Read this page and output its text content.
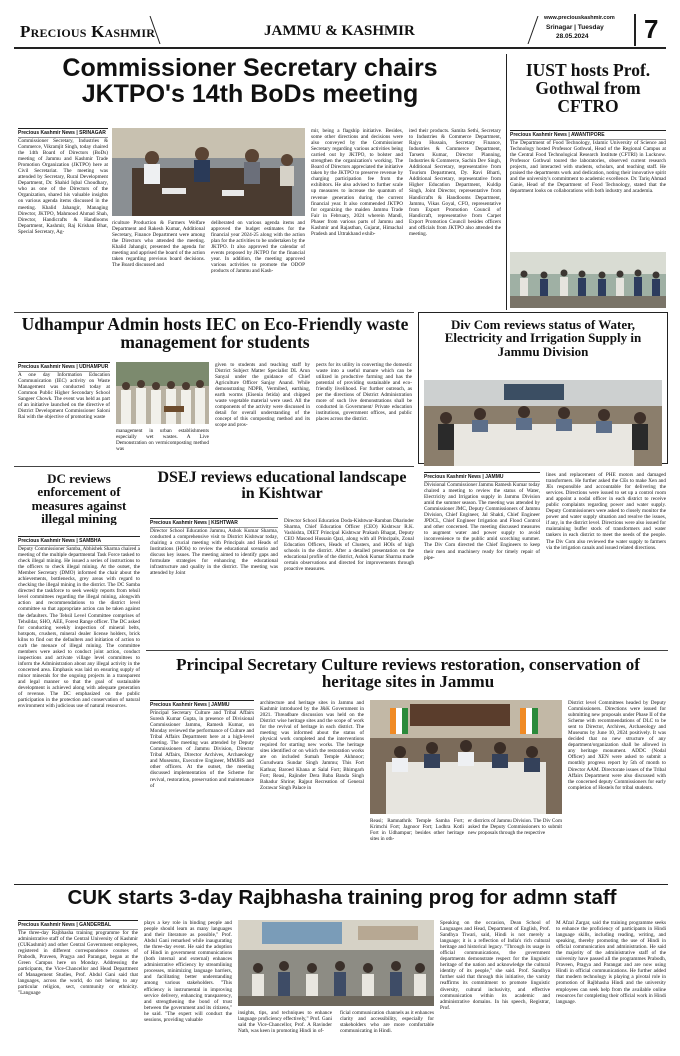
Precious Kashmir	JAMMU & KASHMIR
www.preciouskashmir.com
Srinagar | Tuesday
28.05.2024 7
Commissioner Secretary chairs JKTPO's 14th BoDs meeting
Precious Kashmir News | SRINAGAR
Commissioner Secretary, Industries & Commerce, Vikramjit Singh, today chaired the 14th Board of Directors (BoDs) meeting of Jammu and Kashmir Trade Promotion Organization (JKTPO) here at Civil Secretariat. The meeting was attended by Secretary, Rural Development Department, Dr. Shahid Iqbal Choudhary, who as one of the Directors of the Organization, shared his valuable insights on various agenda items discussed in the meeting. Khalid Jahangir, Managing Director, JKTPO, Mahmood Ahmad Shah, Director, Handicrafts & Handlooms Department, Kashmir, Raj Krishan Bhat, Special Secretary, Ag-
riculture Production & Farmers Welfare Department and Rakesh Kumar, Additional Secretary, Finance Department were among the Directors who attended the meeting. Khalid Jahangir, presented the agenda for meeting and apprised the board of the action taken regarding previous board decisions. The Board discussed and
deliberated on various agenda items and approved the budget estimates for the financial year 2024-25 along with the action plan for the activities to be undertaken by the JKTPO. It also approved the calendar of events proposed by JKTPO for the financial year. In addition, the meeting approved various activities to promote the ODOP products of Jammu and Kash-
mir, being a flagship initiative. Besides, some other directions and decisions were also conveyed by the Commissioner Secretary regarding various activities being carried out by JKTPO, to bolster and strengthen the organization's working. The Board of Directors appreciated the initiative taken by the JKTPO to preserve revenue by charging participation fee from the exhibitors. He also advised to further scale up measures to increase the quantum of revenue generation during the current financial year. It also commended JKTPO for organizing the maiden Jammu Trade Fair in February, 2024 wherein Mandi, Phaser from various parts of Jammu and Kashmir and Rajasthan, Gujarat, Himachal Pradesh and Uttrakhand exhib-
ited their products. Samita Sethi, Secretary to Industries & Commerce Department, Rajya Hussain, Secretary Finance, Industries & Commerce Department, Tarsem Kumar, Director Planning, Industries & Commerce, Sachin Dev Singh, Additional Secretary, representative from Tourism Department, Dy. Ravi Bharti, Additional Secretary, representative from Higher Education Department, Kuldip Singh, Joint Director, representative from Handicrafts & Handlooms Department, Jammu, Vikas Goyal, CFO, representative from Export Promotion Council of Handicraft, representative from Carpet Export Promotion Council besides officers and officials from JKTPO also attended the meeting.
IUST hosts Prof. Gothwal from CFTRO
Precious Kashmir News | AWANTIPORE
The Department of Food Technology, Islamic University of Science and Technology hosted Professor Gothwal, Head of the Regional Campus at the Central Food Technological Research Institute (CFTRI) in Lucknow. Professor Gothwal toured the laboratories, observed current research projects, and interacted with students, scholars, and teaching staff. He praised the departments work and dedication, noting their innovative spirit and the university's commitment to academic excellence. Dr. Tariq Ahmad Ganie, Head of the Department of Food Technology, stated that the department looks on collaborations with both industry and academia.
Udhampur Admin hosts IEC on Eco-Friendly waste management for students
Precious Kashmir News | UDHAMPUR
A one day Information Education Communication (IEC) activity on Waste Management was conducted today at Common Public Higher Secondary School Sangeer Chowk. The event was held as part of an initiative launched on the directive of District Development Commissioner Saloni Rai with the objective of promoting waste
management in urban establishments especially wet wastes. A Live Demonstration on vermicomposting method was
given to students and teaching staff by District Subject Matter Specialist DL Arun Sanyal under the guidance of Chief Agriculture Officer Sanjay Anand. While demonstrating NDPB, Vermibed, earthing, earth worms (Eisenia fetida) and chipped waste vegetable material were used. All the components of the activity were discussed in detail for overall understanding of the concept of this composting method and its scope and pros-
pects for its utility in converting the domestic waste into a useful manure which can be utilized in productive farming and has the potential of providing sustainable and eco-friendly livelihood. For further outreach, as per the directions of District Administration more of such live demonstrations shall be conducted in Government/ Private education institutions, government offices, and public places across the district.
Div Com reviews status of Water, Electricity and Irrigation Supply in Jammu Division
Precious Kashmir News | JAMMU
Divisional Commissioner Jammu Ramesh Kumar today chaired a meeting to review the status of Water, Electricity and Irrigation supply in Jammu Division amid the summer season. The meeting was attended by Commissioner JMC, Deputy Commissioners of Jammu Division, Chief Engineer, Jal Shakti, Chief Engineer JPDCL, Chief Engineer Irrigation and Flood Control and other concerned. The meeting discussed measures to augment water and power supply to avoid inconvenience to the public amid scorching summer. The Div Com directed the Chief Engineers to keep their men and machinery ready for timely repair of pipe-
lines and replacement of PHE motors and damaged transformers. He further asked the CEs to make Xen and JEs responsible and accountable for delivering the services. Directions were issued to set up a control room and appoint a nodal officer in each district to receive public complaints regarding power and water supply. Deputy Commissioners were asked to closely monitor the power and water supply situation and resolve the issues, if any, in the district level. Directions were also issued for maintaining buffer stock of transformers and water tankers in each district to meet the needs of the people. The Div Com also reviewed the water supply to farmers via the irrigation canals and issued related directions.
DC reviews enforcement of measures against illegal mining
Precious Kashmir News | SAMBHA
Deputy Commissioner Samba, Abhishek Sharma chaired a meeting of the multiple departmental Task Force tasked to check illegal mining. He issued a series of instructions to the officers to check illegal mining. At the outset, the Member Secretary (DMO) informed the chair about the achievements, bottlenecks, grey areas with regard to checking the illegal mining in the district. The DC Samba directed the taskforce to seek weekly reports from tehsil level committees regarding the illegal mining, alongwith action and recommendations to the district level committee so that appropriate action can be taken against the defaulters. The Tehsil Level Committee comprises of Tehsildar, SHO, AEE, Forest Range officer. The DC asked for conducting weekly inspection of mineral belts, hotspots, crushers, mineral dealer license holders, brick kilns to find out the defaulters and initiation of action to curb the menace of illegal mining. The committee members were asked to conduct joint action, conduct inspections and activate village level committees to inform the Administration about any illegal activity in the concerned area. Emphasis was laid on ensuring supply of minor minerals for the ongoing projects in a transparent and legal manner so that the goal of sustainable development is achieved along with adequate generation of revenue. The DC emphasized on the public participation in the protection and conservation of natural environment with judicious use of natural resources.
DSEJ reviews educational landscape in Kishtwar
Precious Kashmir News | KISHTWAR
Director School Education Jammu, Ashok Kumar Sharma, conducted a comprehensive visit to District Kishtwar today, chairing a crucial meeting with Principals and Heads of Institutions (HOIs) to review the educational scenario and discuss key issues. The meeting aimed to identify gaps and formulate strategies for enhancing the educational infrastructure and quality in the district. The meeting was attended by Joint
Director School Education Doda-Kishtwar-Ramban Dharinder Sharma, Chief Education Officer (CEO) Kishtwar R.K. Vashishta, DIET Principal Kishtwar Prakash Bhagat, Deputy CEO Masood Hussain Qazi, along with all Principals, Zonal Education Officers, Heads of Clusters, and HOIs of high schools in the district. After a detailed presentation on the educational profile of the district, Ashok Kumar Sharma made certain observations and directed for improvements through proactive measures.
Principal Secretary Culture reviews restoration, conservation of heritage sites in Jammu
Precious Kashmir News | JAMMU
Principal Secretary Culture and Tribal Affairs Suresh Kumar Gupta, in presence of Divisional Commissioner Jammu, Ramesh Kumar, on Monday reviewed the performance of Culture and Tribal Affairs Department here at a high-level meeting. The meeting was attended by Deputy Commissioners of Jammu Division, Director Tribal Affairs, Director Archives, Archaeology and Museums, Executive Engineer, MMJHS and other officers. At the outset, the meeting discussed implementation of the Scheme for revival, restoration, preservation and maintenance of
architecture and heritage sites in Jammu and Kashmir introduced by the J&K Government in 2021. Threadbare discussion was held on the District wise heritage sites and the scope of work for the revival of heritage in each district. The meeting was informed about the status of physical work completed and the interventions required for starting new works. The heritage sites identified or on which the restoration works are on included Sumah Temple Akhnoor; Gurudwara Sundar Singh Jammu; This Fort Kathua; Baroed Khana at Salal Fort; Bhimgarh Fort; Reasi, Rajinder Dera Baba Banda Singh Bahadur Shrine; Rajput Recreation of General Zorawar Singh Palace in
Reasi; Ramnathrik Temple Samba Fort; Krimchi Fort; Jagnoor Fort; Lodhra Kotli Fort in Udhampur; besides other heritage sites in oth-
er districts of Jammu Division. The Div Com asked the Deputy Commissioners to submit new proposals through the respective
District level Committees headed by Deputy Commissioners. Directions were issued for submitting new proposals under Phase II of the Scheme with recommendations of DLC to be sent to Director, Archives, Archaeology and Museums by June 10, 2024 positively. It was decided that no new structure of any department/organization shall be allowed in any heritage monument. ADDC (Nodal Officer) and XEN were asked to submit a monthly progress report by 5th of month to Director AAM. Directorate issues of the Tribal Affairs Department were also discussed with the concerned deputy Commissioners for early completion of Hostels for tribal students.
CUK starts 3-day Rajbhasha training prog for admn staff
Precious Kashmir News | GANDERBAL
The three-day Rajbhasha training programme for the administrative staff of the Central University of Kashmir (CUKashmir) and other Central Government employees, registered in different correspondence courses of Prabodh, Praveen, Pragya and Parangat, began at the Green Campus here on Monday. Addressing the participants, the Vice-Chancellor and Head Department of Management Studies, Prof. Abdul Gani said that languages, across the world, do not belong to any particular religion, sect, community or ethnicity. "Language
plays a key role in binding people and people should learn as many languages and their literature as possible," Prof. Abdul Gani remarked while inaugurating the three-day event. He said the adoption of Hindi in government communications (both internal and external) enhances administrative efficiency by streamlining processes, minimizing language barriers, and facilitating better understanding among various stakeholders. "This efficiency is instrumental in improving service delivery, enhancing transparency, and strengthening the bond of trust between the government and its citizens," he said. "The expert will conduct the sessions, providing valuable
insights, tips, and techniques to enhance language proficiency effectively," Prof. Gani said the Vice-Chancellor, Prof. A Ravinder Nath, was keen in promoting Hindi in of-
ficial communication channels as it enhances clarity and accessibility, especially for stakeholders who are more comfortable communicating in Hindi.
Speaking on the occasion, Dean School of Languages and Head, Department of English, Prof. Sandhya Tiwari, said, Hindi is not merely a language; it is a reflection of India's rich cultural heritage and historical legacy. "Through its usage in official communications, the government departments demonstrate respect for the linguistic heritage of the nation and acknowledge the cultural identity of its people," she said. Prof. Sandhya further said that through this initiative, the varsity reaffirms its commitment to promote linguistic diversity, cultural inclusivity, and effective communication within its academic and administrative domains. In his speech, Registrar, Prof.
M Afzal Zargar, said the training programme seeks to enhance the proficiency of participants in Hindi language skills, including reading, writing, and speaking, thereby promoting the use of Hindi in official communication and administration. He said the majority of the administrative staff of the university have passed all the programmes Prabodh, Praveen, Pragya and Parangat and are now using Hindi in official communications. He further added that modern technology is playing a pivotal role in promotion of Rajbhasha Hindi and the university employees can seek help from the available online resources for completing their official work in Hindi language.
